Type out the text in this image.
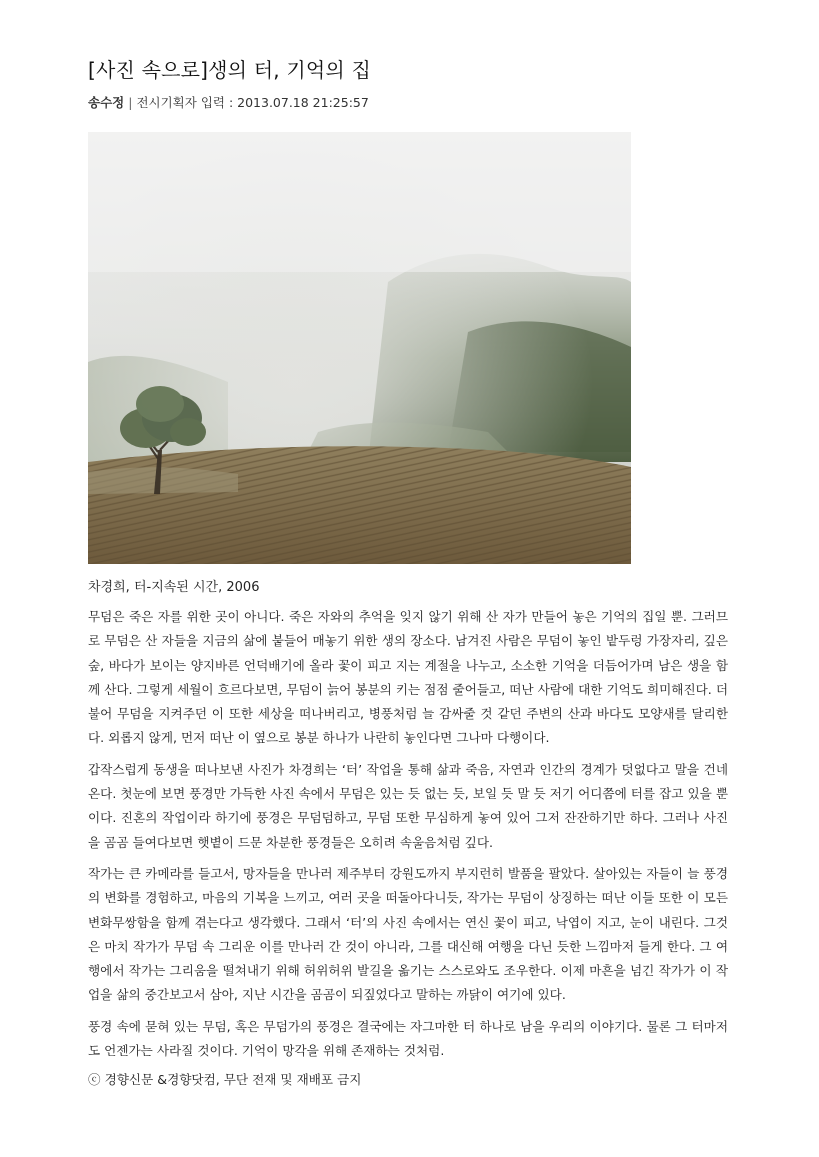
[사진 속으로]생의 터, 기억의 집
송수정 | 전시기획자 입력 : 2013.07.18 21:25:57
차경희, 터-지속된 시간, 2006

무덤은 죽은 자를 위한 곳이 아니다. 죽은 자와의 추억을 잊지 않기 위해 산 자가 만들어 놓은 기억의 집일 뿐. 그러므로 무덤은 산 자들을 지금의 삶에 붙들어 매놓기 위한 생의 장소다. 남겨진 사람은 무덤이 놓인 밭두렁 가장자리, 깊은 숲, 바다가 보이는 양지바른 언덕배기에 올라 꽃이 피고 지는 계절을 나누고, 소소한 기억을 더듬어가며 남은 생을 함께 산다. 그렇게 세월이 흐르다보면, 무덤이 늙어 봉분의 키는 점점 줄어들고, 떠난 사람에 대한 기억도 희미해진다. 더불어 무덤을 지켜주던 이 또한 세상을 떠나버리고, 병풍처럼 늘 감싸줄 것 같던 주변의 산과 바다도 모양새를 달리한다. 외롭지 않게, 먼저 떠난 이 옆으로 봉분 하나가 나란히 놓인다면 그나마 다행이다.

갑작스럽게 동생을 떠나보낸 사진가 차경희는 ‘터’ 작업을 통해 삶과 죽음, 자연과 인간의 경계가 덧없다고 말을 건네온다. 첫눈에 보면 풍경만 가득한 사진 속에서 무덤은 있는 듯 없는 듯, 보일 듯 말 듯 저기 어디쯤에 터를 잡고 있을 뿐이다. 진혼의 작업이라 하기에 풍경은 무덤덤하고, 무덤 또한 무심하게 놓여 있어 그저 잔잔하기만 하다. 그러나 사진을 곰곰 들여다보면 햇볕이 드문 차분한 풍경들은 오히려 속울음처럼 깊다.

작가는 큰 카메라를 들고서, 망자들을 만나러 제주부터 강원도까지 부지런히 발품을 팔았다. 살아있는 자들이 늘 풍경의 변화를 경험하고, 마음의 기복을 느끼고, 여러 곳을 떠돌아다니듯, 작가는 무덤이 상징하는 떠난 이들 또한 이 모든 변화무쌍함을 함께 겪는다고 생각했다. 그래서 ‘터’의 사진 속에서는 연신 꽃이 피고, 낙엽이 지고, 눈이 내린다. 그것은 마치 작가가 무덤 속 그리운 이를 만나러 간 것이 아니라, 그를 대신해 여행을 다닌 듯한 느낌마저 들게 한다. 그 여행에서 작가는 그리움을 떨쳐내기 위해 허위허위 발길을 옮기는 스스로와도 조우한다. 이제 마흔을 넘긴 작가가 이 작업을 삶의 중간보고서 삼아, 지난 시간을 곰곰이 되짚었다고 말하는 까닭이 여기에 있다.

풍경 속에 묻혀 있는 무덤, 혹은 무덤가의 풍경은 결국에는 자그마한 터 하나로 남을 우리의 이야기다. 물론 그 터마저도 언젠가는 사라질 것이다. 기억이 망각을 위해 존재하는 것처럼.

ⓒ 경향신문 &경향닷컴, 무단 전재 및 재배포 금지
